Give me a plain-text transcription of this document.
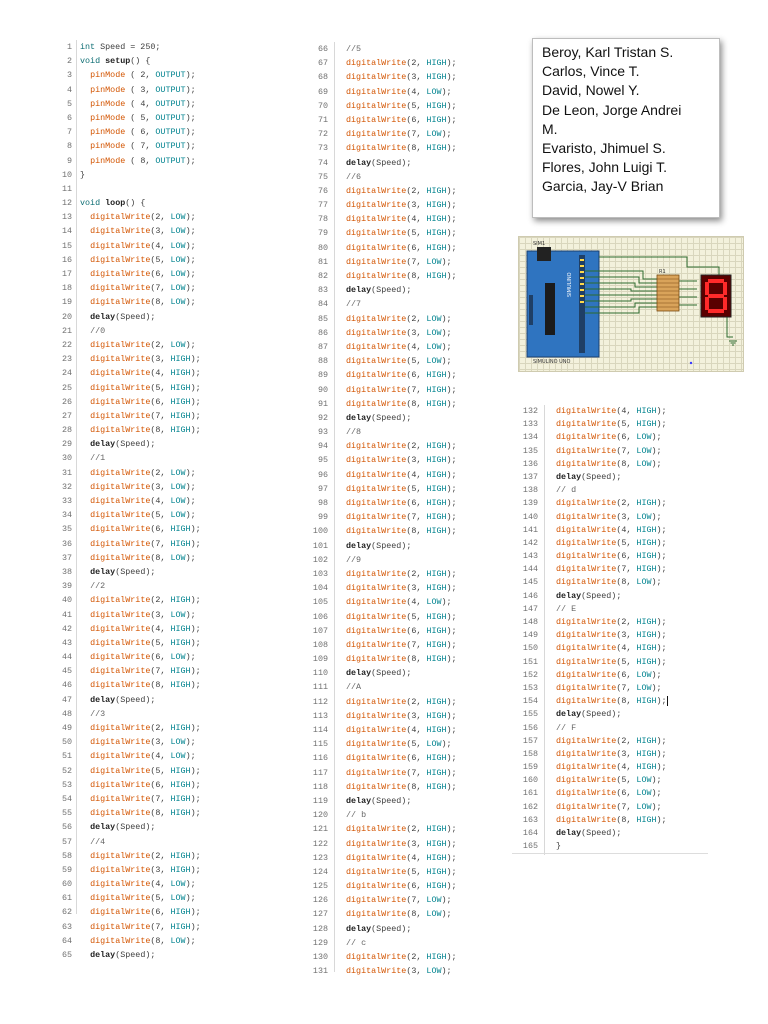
1 int Speed = 250;
2 void setup() {
3	pinMode ( 2, OUTPUT);
4	pinMode ( 3, OUTPUT);
5	pinMode ( 4, OUTPUT);
6	pinMode ( 5, OUTPUT);
7	pinMode ( 6, OUTPUT);
8	pinMode ( 7, OUTPUT);
9	pinMode ( 8, OUTPUT);
10 }
11
12 void loop() {
13	digitalWrite(2, LOW);
14	digitalWrite(3, LOW);
15	digitalWrite(4, LOW);
16	digitalWrite(5, LOW);
17	digitalWrite(6, LOW);
18	digitalWrite(7, LOW);
19	digitalWrite(8, LOW);
20	delay(Speed);
21	//0
22	digitalWrite(2, LOW);
23	digitalWrite(3, HIGH);
24	digitalWrite(4, HIGH);
25	digitalWrite(5, HIGH);
26	digitalWrite(6, HIGH);
27	digitalWrite(7, HIGH);
28	digitalWrite(8, HIGH);
29	delay(Speed);
30	//1
31	digitalWrite(2, LOW);
32	digitalWrite(3, LOW);
33	digitalWrite(4, LOW);
34	digitalWrite(5, LOW);
35	digitalWrite(6, HIGH);
36	digitalWrite(7, HIGH);
37	digitalWrite(8, LOW);
38	delay(Speed);
39	//2
40	digitalWrite(2, HIGH);
41	digitalWrite(3, LOW);
42	digitalWrite(4, HIGH);
43	digitalWrite(5, HIGH);
44	digitalWrite(6, LOW);
45	digitalWrite(7, HIGH);
46	digitalWrite(8, HIGH);
47	delay(Speed);
48	//3
49	digitalWrite(2, HIGH);
50	digitalWrite(3, LOW);
51	digitalWrite(4, LOW);
52	digitalWrite(5, HIGH);
53	digitalWrite(6, HIGH);
54	digitalWrite(7, HIGH);
55	digitalWrite(8, HIGH);
56	delay(Speed);
57	//4
58	digitalWrite(2, HIGH);
59	digitalWrite(3, HIGH);
60	digitalWrite(4, LOW);
61	digitalWrite(5, LOW);
62	digitalWrite(6, HIGH);
63	digitalWrite(7, HIGH);
64	digitalWrite(8, LOW);
65	delay(Speed);
66 //5
67 digitalWrite(2, HIGH);
68 digitalWrite(3, HIGH);
69 digitalWrite(4, LOW);
70 digitalWrite(5, HIGH);
71 digitalWrite(6, HIGH);
72 digitalWrite(7, LOW);
73 digitalWrite(8, HIGH);
74 delay(Speed);
75 //6
76 digitalWrite(2, HIGH);
77 digitalWrite(3, HIGH);
78 digitalWrite(4, HIGH);
79 digitalWrite(5, HIGH);
80 digitalWrite(6, HIGH);
81 digitalWrite(7, LOW);
82 digitalWrite(8, HIGH);
83 delay(Speed);
84 //7
85 digitalWrite(2, LOW);
86 digitalWrite(3, LOW);
87 digitalWrite(4, LOW);
88 digitalWrite(5, LOW);
89 digitalWrite(6, HIGH);
90 digitalWrite(7, HIGH);
91 digitalWrite(8, HIGH);
92 delay(Speed);
93 //8
94 digitalWrite(2, HIGH);
95 digitalWrite(3, HIGH);
96 digitalWrite(4, HIGH);
97 digitalWrite(5, HIGH);
98 digitalWrite(6, HIGH);
99 digitalWrite(7, HIGH);
100 digitalWrite(8, HIGH);
101 delay(Speed);
102 //9
103 digitalWrite(2, HIGH);
104 digitalWrite(3, HIGH);
105 digitalWrite(4, LOW);
106 digitalWrite(5, HIGH);
107 digitalWrite(6, HIGH);
108 digitalWrite(7, HIGH);
109 digitalWrite(8, HIGH);
110 delay(Speed);
111 //A
112 digitalWrite(2, HIGH);
113 digitalWrite(3, HIGH);
114 digitalWrite(4, HIGH);
115 digitalWrite(5, LOW);
116 digitalWrite(6, HIGH);
117 digitalWrite(7, HIGH);
118 digitalWrite(8, HIGH);
119 delay(Speed);
120 // b
121 digitalWrite(2, HIGH);
122 digitalWrite(3, HIGH);
123 digitalWrite(4, HIGH);
124 digitalWrite(5, HIGH);
125 digitalWrite(6, HIGH);
126 digitalWrite(7, LOW);
127 digitalWrite(8, LOW);
128 delay(Speed);
129 // c
130 digitalWrite(2, HIGH);
131 digitalWrite(3, LOW);
132 digitalWrite(4, HIGH);
133 digitalWrite(5, HIGH);
134 digitalWrite(6, LOW);
135 digitalWrite(7, LOW);
136 digitalWrite(8, LOW);
137 delay(Speed);
138 // d
139 digitalWrite(2, HIGH);
140 digitalWrite(3, LOW);
141 digitalWrite(4, HIGH);
142 digitalWrite(5, HIGH);
143 digitalWrite(6, HIGH);
144 digitalWrite(7, HIGH);
145 digitalWrite(8, LOW);
146 delay(Speed);
147 // E
148 digitalWrite(2, HIGH);
149 digitalWrite(3, HIGH);
150 digitalWrite(4, HIGH);
151 digitalWrite(5, HIGH);
152 digitalWrite(6, LOW);
153 digitalWrite(7, LOW);
154 digitalWrite(8, HIGH);
155 delay(Speed);
156 // F
157 digitalWrite(2, HIGH);
158 digitalWrite(3, HIGH);
159 digitalWrite(4, HIGH);
160 digitalWrite(5, LOW);
161 digitalWrite(6, LOW);
162 digitalWrite(7, LOW);
163 digitalWrite(8, HIGH);
164 delay(Speed);
165 }
Beroy, Karl Tristan S.
Carlos, Vince T.
David, Nowel Y.
De Leon, Jorge Andrei
M.
Evaristo, Jhimuel S.
Flores, John Luigi T.
Garcia, Jay-V Brian
SIM1
R1
SIMULINO UNO
SIMULINO
